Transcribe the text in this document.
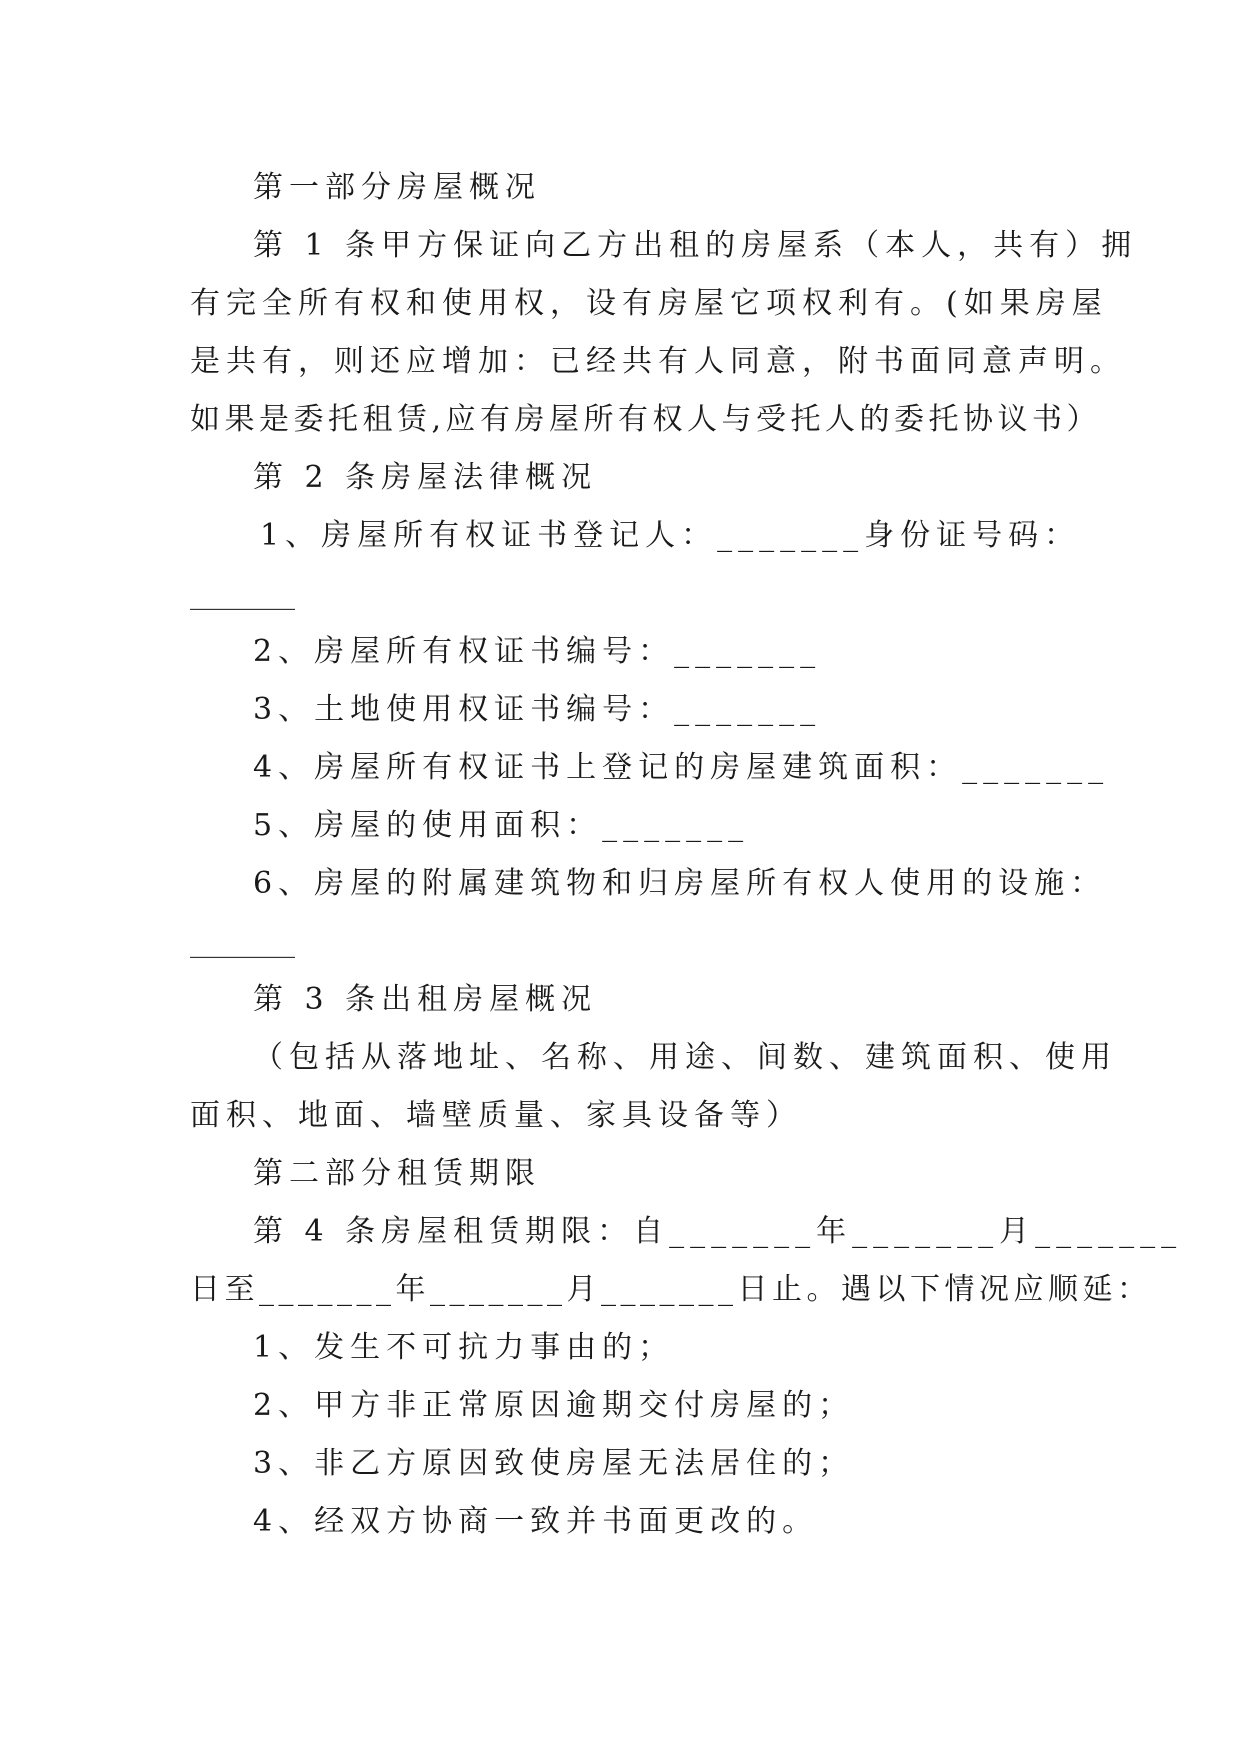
第一部分房屋概况

第 1 条甲方保证向乙方出租的房屋系（本人，共有）拥

有完全所有权和使用权，设有房屋它项权利有。(如果房屋

是共有，则还应增加：已经共有人同意，附书面同意声明。

如果是委托租赁,应有房屋所有权人与受托人的委托协议书）

第 2 条房屋法律概况

1、房屋所有权证书登记人：_______身份证号码：

_______

2、房屋所有权证书编号：_______

3、土地使用权证书编号：_______

4、房屋所有权证书上登记的房屋建筑面积：_______

5、房屋的使用面积：_______

6、房屋的附属建筑物和归房屋所有权人使用的设施：

_______

第 3 条出租房屋概况

（包括从落地址、名称、用途、间数、建筑面积、使用

面积、地面、墙壁质量、家具设备等）

第二部分租赁期限

第 4 条房屋租赁期限：自_______年_______月_______

日至_______年_______月_______日止。遇以下情况应顺延：

1、发生不可抗力事由的；

2、甲方非正常原因逾期交付房屋的；

3、非乙方原因致使房屋无法居住的；

4、经双方协商一致并书面更改的。
